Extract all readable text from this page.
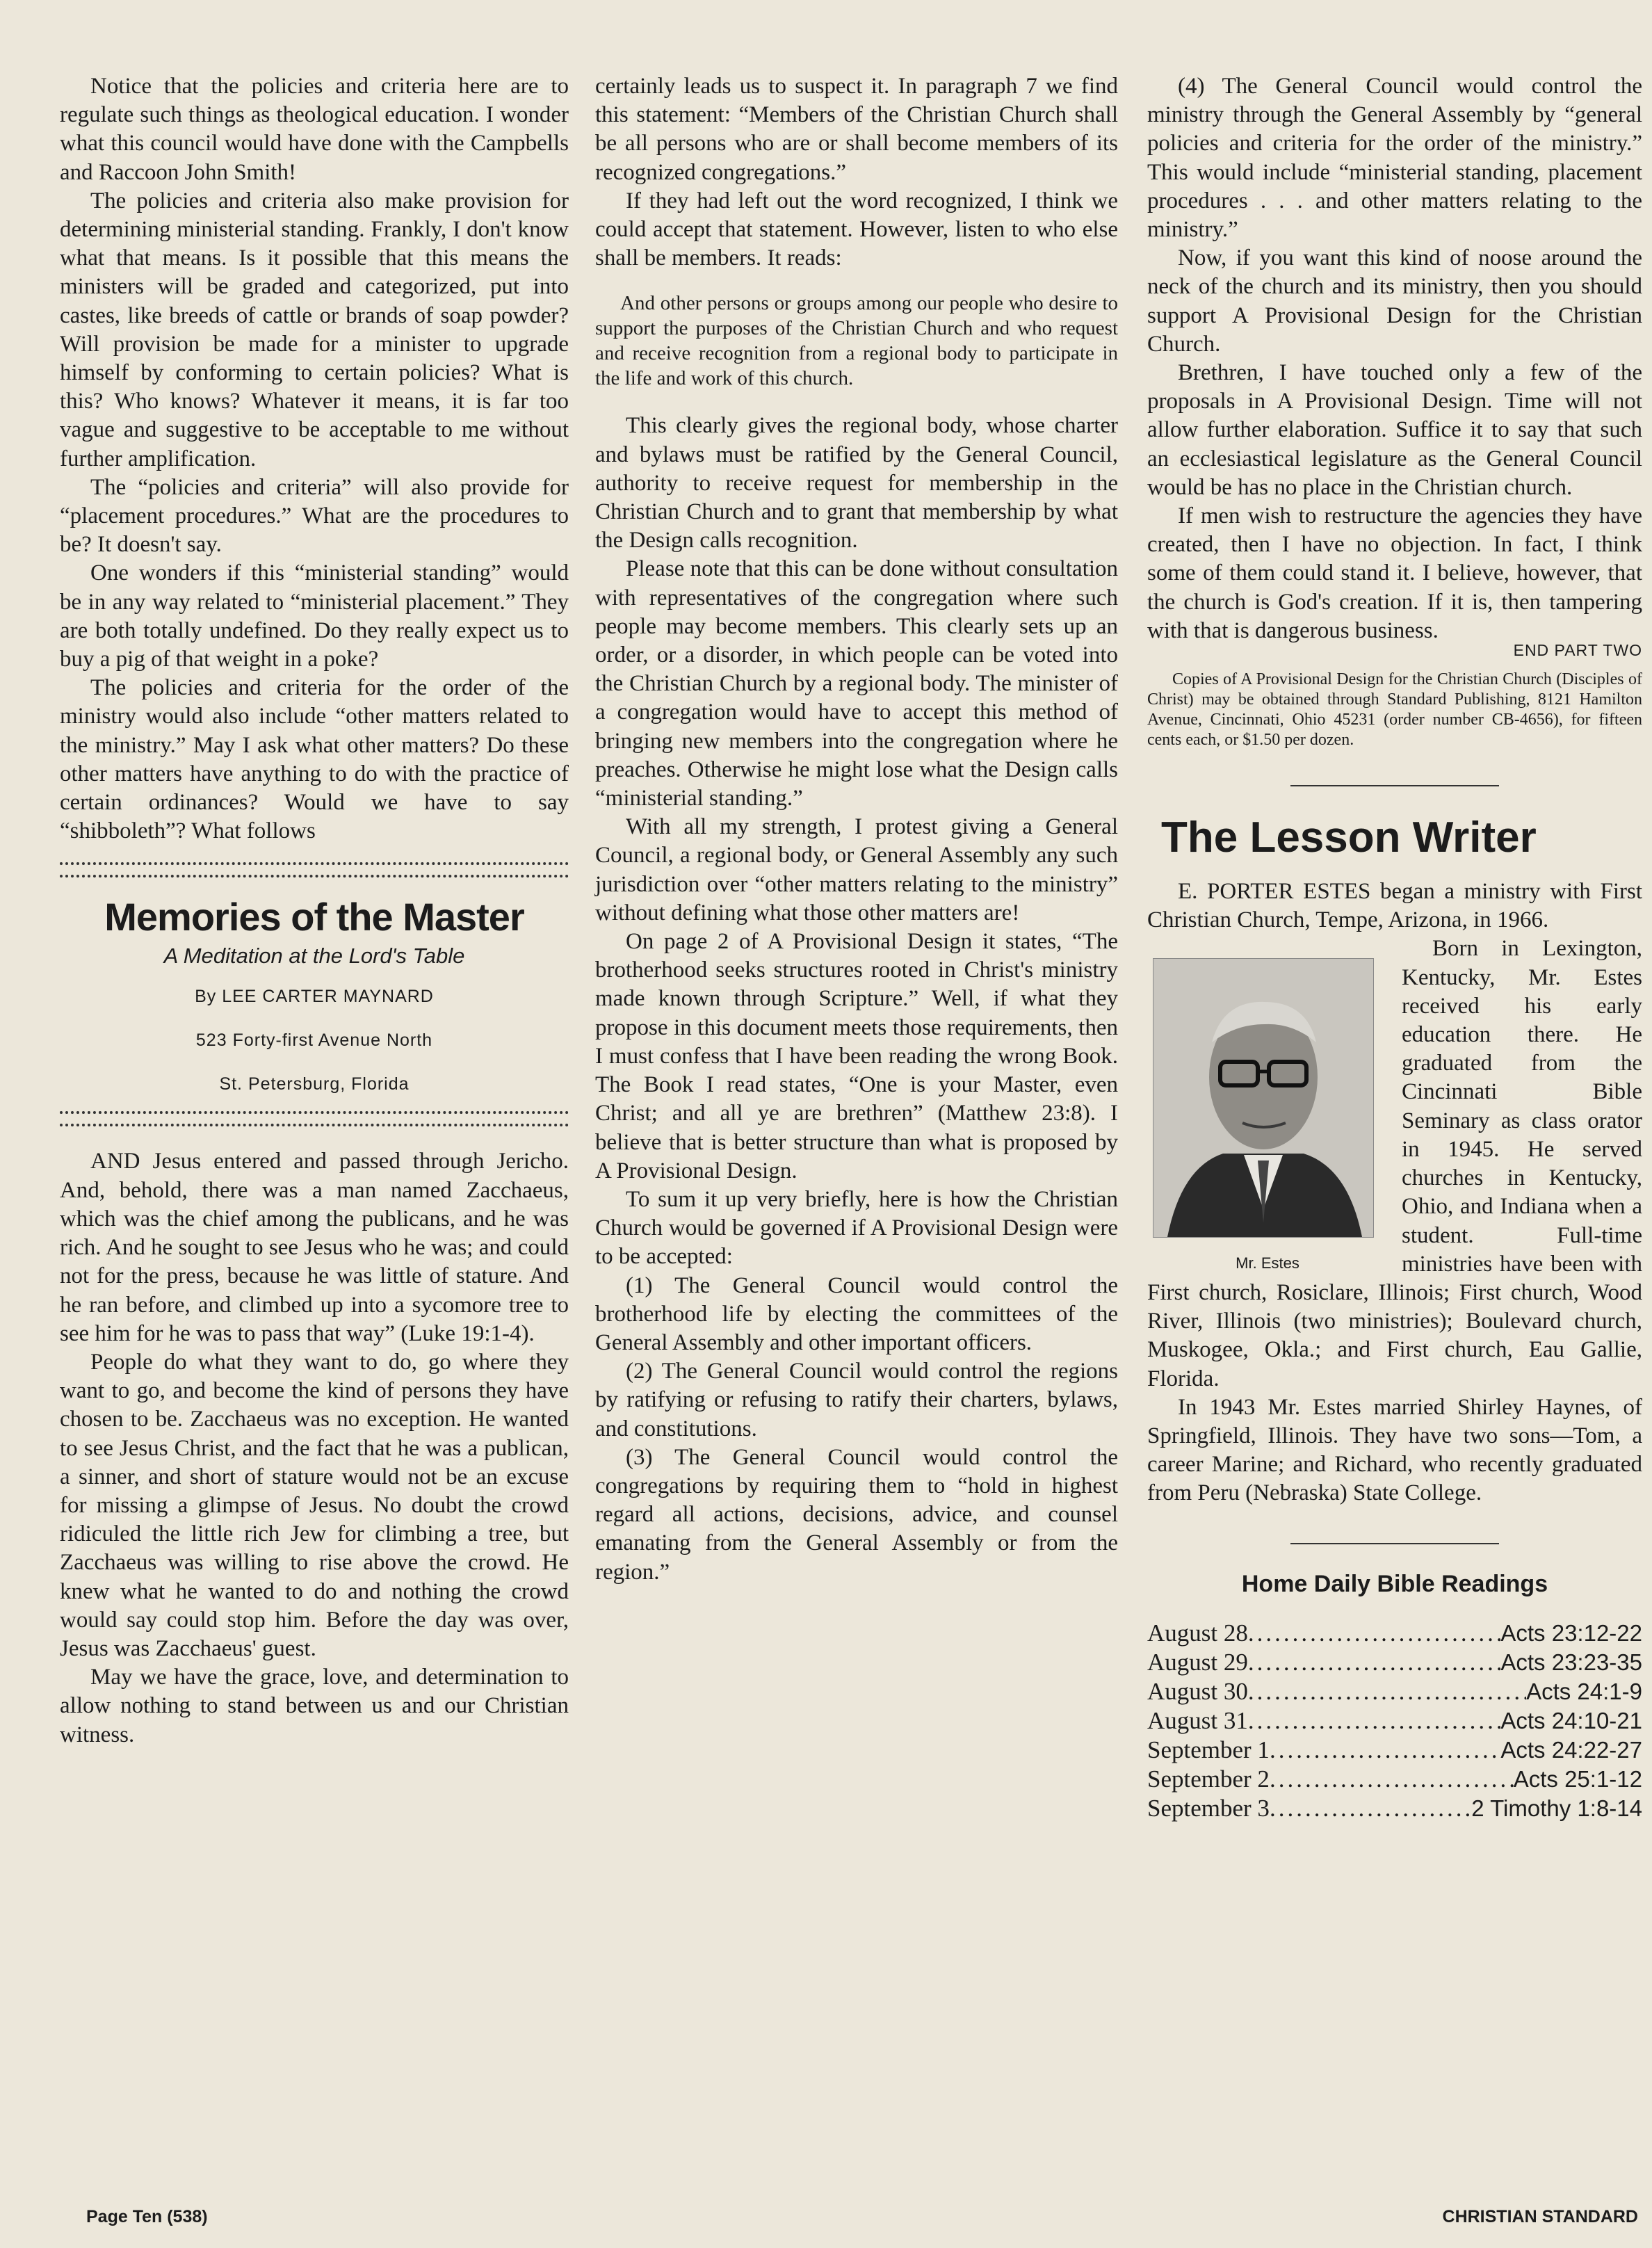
Notice that the policies and criteria here are to regulate such things as theological education. I wonder what this council would have done with the Campbells and Raccoon John Smith!

The policies and criteria also make provision for determining ministerial standing. Frankly, I don't know what that means. Is it possible that this means the ministers will be graded and categorized, put into castes, like breeds of cattle or brands of soap powder? Will provision be made for a minister to upgrade himself by conforming to certain policies? What is this? Who knows? Whatever it means, it is far too vague and suggestive to be acceptable to me without further amplification.

The “policies and criteria” will also provide for “placement procedures.” What are the procedures to be? It doesn't say.

One wonders if this “ministerial standing” would be in any way related to “ministerial placement.” They are both totally undefined. Do they really expect us to buy a pig of that weight in a poke?

The policies and criteria for the order of the ministry would also include “other matters related to the ministry.” May I ask what other matters? Do these other matters have anything to do with the practice of certain ordinances? Would we have to say “shibboleth”? What follows

Memories of the Master
A Meditation at the Lord's Table
By LEE CARTER MAYNARD
523 Forty-first Avenue North
St. Petersburg, Florida

AND Jesus entered and passed through Jericho. And, behold, there was a man named Zacchaeus, which was the chief among the publicans, and he was rich. And he sought to see Jesus who he was; and could not for the press, because he was little of stature. And he ran before, and climbed up into a sycomore tree to see him for he was to pass that way” (Luke 19:1-4).

People do what they want to do, go where they want to go, and become the kind of persons they have chosen to be. Zacchaeus was no exception. He wanted to see Jesus Christ, and the fact that he was a publican, a sinner, and short of stature would not be an excuse for missing a glimpse of Jesus. No doubt the crowd ridiculed the little rich Jew for climbing a tree, but Zacchaeus was willing to rise above the crowd. He knew what he wanted to do and nothing the crowd would say could stop him. Before the day was over, Jesus was Zacchaeus' guest.

May we have the grace, love, and determination to allow nothing to stand between us and our Christian witness.

certainly leads us to suspect it. In paragraph 7 we find this statement: “Members of the Christian Church shall be all persons who are or shall become members of its recognized congregations.”

If they had left out the word recognized, I think we could accept that statement. However, listen to who else shall be members. It reads:

And other persons or groups among our people who desire to support the purposes of the Christian Church and who request and receive recognition from a regional body to participate in the life and work of this church.

This clearly gives the regional body, whose charter and bylaws must be ratified by the General Council, authority to receive request for membership in the Christian Church and to grant that membership by what the Design calls recognition.

Please note that this can be done without consultation with representatives of the congregation where such people may become members. This clearly sets up an order, or a disorder, in which people can be voted into the Christian Church by a regional body. The minister of a congregation would have to accept this method of bringing new members into the congregation where he preaches. Otherwise he might lose what the Design calls “ministerial standing.”

With all my strength, I protest giving a General Council, a regional body, or General Assembly any such jurisdiction over “other matters relating to the ministry” without defining what those other matters are!

On page 2 of A Provisional Design it states, “The brotherhood seeks structures rooted in Christ's ministry made known through Scripture.” Well, if what they propose in this document meets those requirements, then I must confess that I have been reading the wrong Book. The Book I read states, “One is your Master, even Christ; and all ye are brethren” (Matthew 23:8). I believe that is better structure than what is proposed by A Provisional Design.

To sum it up very briefly, here is how the Christian Church would be governed if A Provisional Design were to be accepted:

(1) The General Council would control the brotherhood life by electing the committees of the General Assembly and other important officers.

(2) The General Council would control the regions by ratifying or refusing to ratify their charters, bylaws, and constitutions.

(3) The General Council would control the congregations by requiring them to “hold in highest regard all actions, decisions, advice, and counsel emanating from the General Assembly or from the region.”

(4) The General Council would control the ministry through the General Assembly by “general policies and criteria for the order of the ministry.” This would include “ministerial standing, placement procedures . . . and other matters relating to the ministry.”

Now, if you want this kind of noose around the neck of the church and its ministry, then you should support A Provisional Design for the Christian Church.

Brethren, I have touched only a few of the proposals in A Provisional Design. Time will not allow further elaboration. Suffice it to say that such an ecclesiastical legislature as the General Council would be has no place in the Christian church.

If men wish to restructure the agencies they have created, then I have no objection. In fact, I think some of them could stand it. I believe, however, that the church is God's creation. If it is, then tampering with that is dangerous business.

END PART TWO

Copies of A Provisional Design for the Christian Church (Disciples of Christ) may be obtained through Standard Publishing, 8121 Hamilton Avenue, Cincinnati, Ohio 45231 (order number CB-4656), for fifteen cents each, or $1.50 per dozen.

The Lesson Writer

E. PORTER ESTES began a ministry with First Christian Church, Tempe, Arizona, in 1966.

Mr. Estes

Born in Lexington, Kentucky, Mr. Estes received his early education there. He graduated from the Cincinnati Bible Seminary as class orator in 1945. He served churches in Kentucky, Ohio, and Indiana when a student. Full-time ministries have been with First church, Rosiclare, Illinois; First church, Wood River, Illinois (two ministries); Boulevard church, Muskogee, Okla.; and First church, Eau Gallie, Florida.

In 1943 Mr. Estes married Shirley Haynes, of Springfield, Illinois. They have two sons—Tom, a career Marine; and Richard, who recently graduated from Peru (Nebraska) State College.

Home Daily Bible Readings
August 28 .....	Acts 23:12-22
August 29 .....	Acts 23:23-35
August 30 .....	Acts 24:1-9
August 31 .....	Acts 24:10-21
September 1 .....	Acts 24:22-27
September 2 .....	Acts 25:1-12
September 3 .....	2 Timothy 1:8-14
Page Ten (538)	CHRISTIAN STANDARD
